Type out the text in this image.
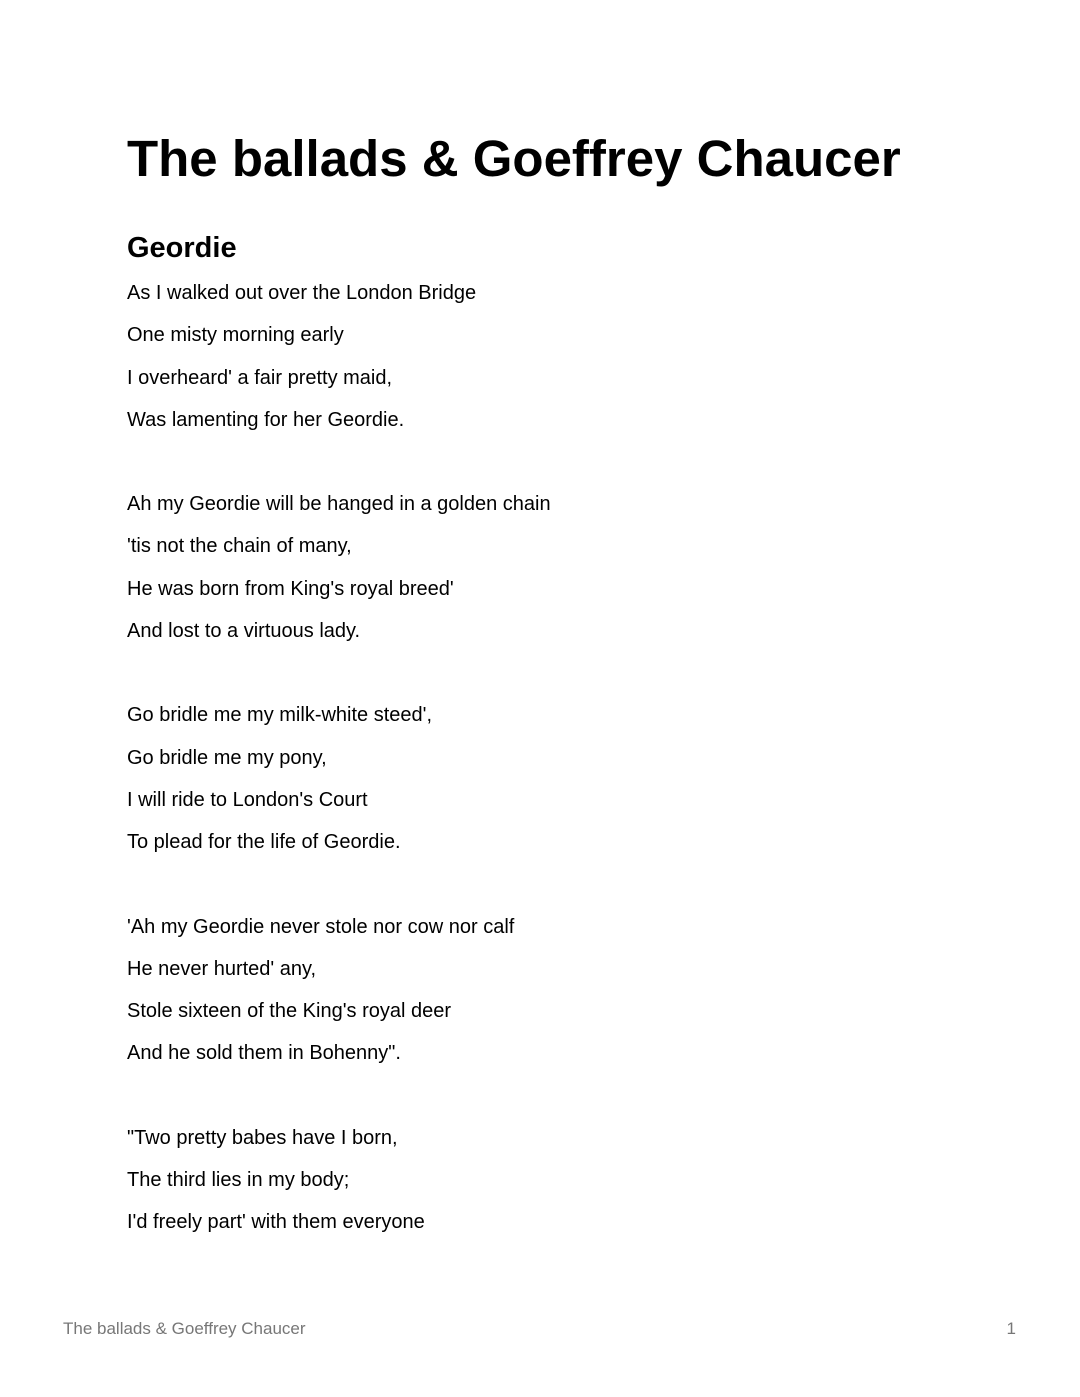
The ballads & Goeffrey Chaucer
Geordie
As I walked out over the London Bridge
One misty morning early
I overheard' a fair pretty maid,
Was lamenting for her Geordie.
Ah my Geordie will be hanged in a golden chain
'tis not the chain of many,
He was born from King's royal breed'
And lost to a virtuous lady.
Go bridle me my milk-white steed',
Go bridle me my pony,
I will ride to London's Court
To plead for the life of Geordie.
'Ah my Geordie never stole nor cow nor calf
He never hurted' any,
Stole sixteen of the King's royal deer
And he sold them in Bohenny".
"Two pretty babes have I born,
The third lies in my body;
I'd freely part' with them everyone
The ballads & Goeffrey Chaucer	1
